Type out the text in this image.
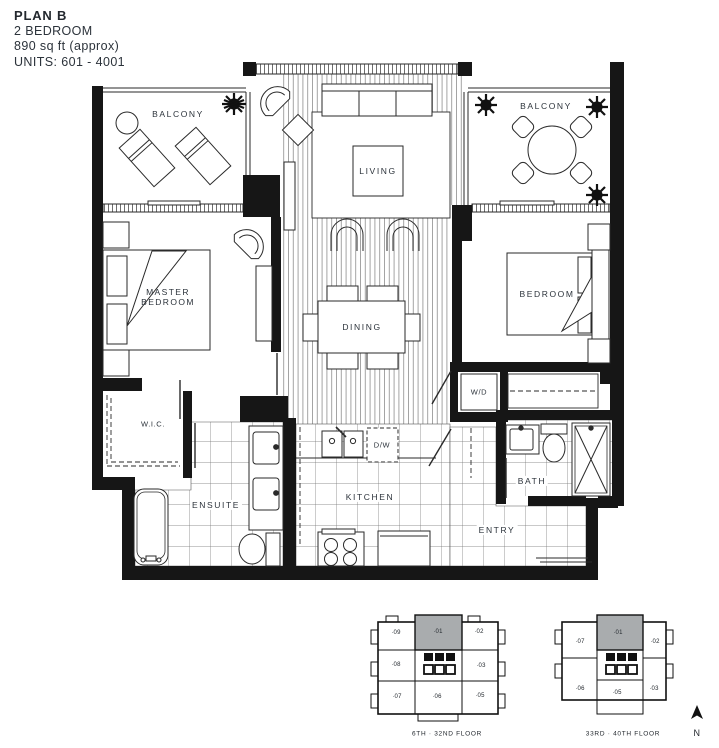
PLAN B
2 BEDROOM
890 sq ft (approx)
UNITS: 601 - 4001
BALCONY
BALCONY
LIVING
MASTER BEDROOM
BEDROOM
DINING
W.I.C.
ENSUITE
KITCHEN
D/W
W/D
BATH
ENTRY
·09	·01	·02
·08	·03
·07	·06	·05
6TH · 32ND FLOOR
·07
·01
·02
·06	·03
·05
33RD · 40TH FLOOR	N
